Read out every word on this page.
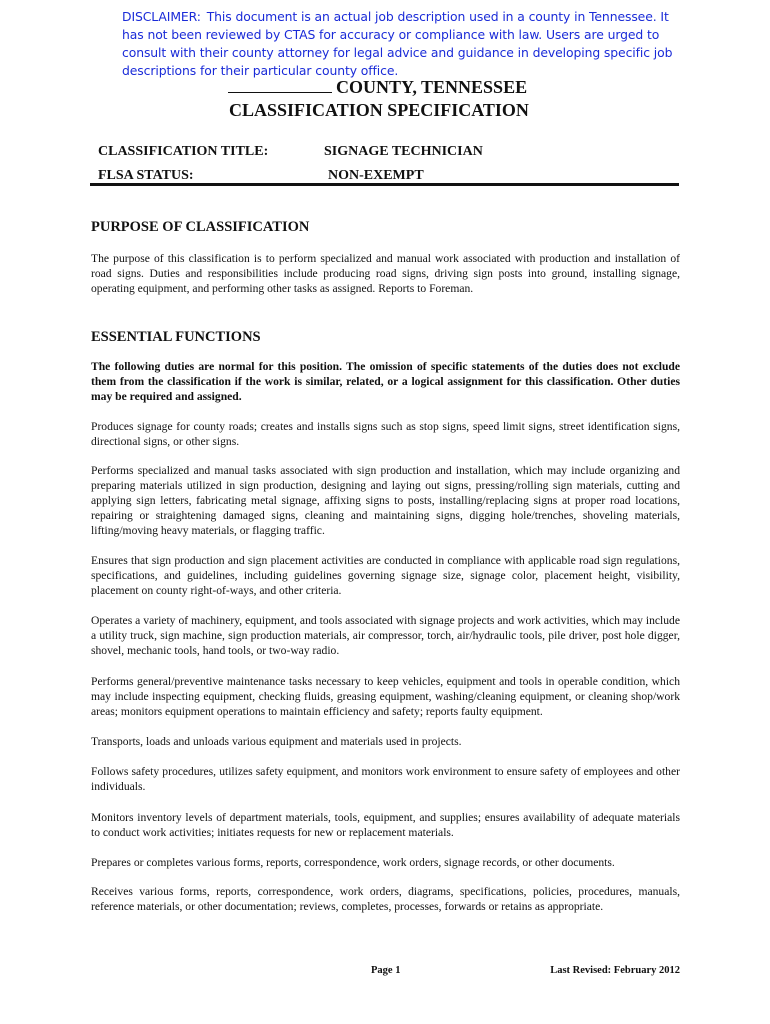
DISCLAIMER: This document is an actual job description used in a county in Tennessee. It has not been reviewed by CTAS for accuracy or compliance with law. Users are urged to consult with their county attorney for legal advice and guidance in developing specific job descriptions for their particular county office.
COUNTY, TENNESSEE
CLASSIFICATION SPECIFICATION
CLASSIFICATION TITLE:	SIGNAGE TECHNICIAN
FLSA STATUS:	NON-EXEMPT
PURPOSE OF CLASSIFICATION
The purpose of this classification is to perform specialized and manual work associated with production and installation of road signs. Duties and responsibilities include producing road signs, driving sign posts into ground, installing signage, operating equipment, and performing other tasks as assigned. Reports to Foreman.
ESSENTIAL FUNCTIONS
The following duties are normal for this position. The omission of specific statements of the duties does not exclude them from the classification if the work is similar, related, or a logical assignment for this classification. Other duties may be required and assigned.
Produces signage for county roads; creates and installs signs such as stop signs, speed limit signs, street identification signs, directional signs, or other signs.
Performs specialized and manual tasks associated with sign production and installation, which may include organizing and preparing materials utilized in sign production, designing and laying out signs, pressing/rolling sign materials, cutting and applying sign letters, fabricating metal signage, affixing signs to posts, installing/replacing signs at proper road locations, repairing or straightening damaged signs, cleaning and maintaining signs, digging hole/trenches, shoveling materials, lifting/moving heavy materials, or flagging traffic.
Ensures that sign production and sign placement activities are conducted in compliance with applicable road sign regulations, specifications, and guidelines, including guidelines governing signage size, signage color, placement height, visibility, placement on county right-of-ways, and other criteria.
Operates a variety of machinery, equipment, and tools associated with signage projects and work activities, which may include a utility truck, sign machine, sign production materials, air compressor, torch, air/hydraulic tools, pile driver, post hole digger, shovel, mechanic tools, hand tools, or two-way radio.
Performs general/preventive maintenance tasks necessary to keep vehicles, equipment and tools in operable condition, which may include inspecting equipment, checking fluids, greasing equipment, washing/cleaning equipment, or cleaning shop/work areas; monitors equipment operations to maintain efficiency and safety; reports faulty equipment.
Transports, loads and unloads various equipment and materials used in projects.
Follows safety procedures, utilizes safety equipment, and monitors work environment to ensure safety of employees and other individuals.
Monitors inventory levels of department materials, tools, equipment, and supplies; ensures availability of adequate materials to conduct work activities; initiates requests for new or replacement materials.
Prepares or completes various forms, reports, correspondence, work orders, signage records, or other documents.
Receives various forms, reports, correspondence, work orders, diagrams, specifications, policies, procedures, manuals, reference materials, or other documentation; reviews, completes, processes, forwards or retains as appropriate.
Page 1	Last Revised: February 2012
